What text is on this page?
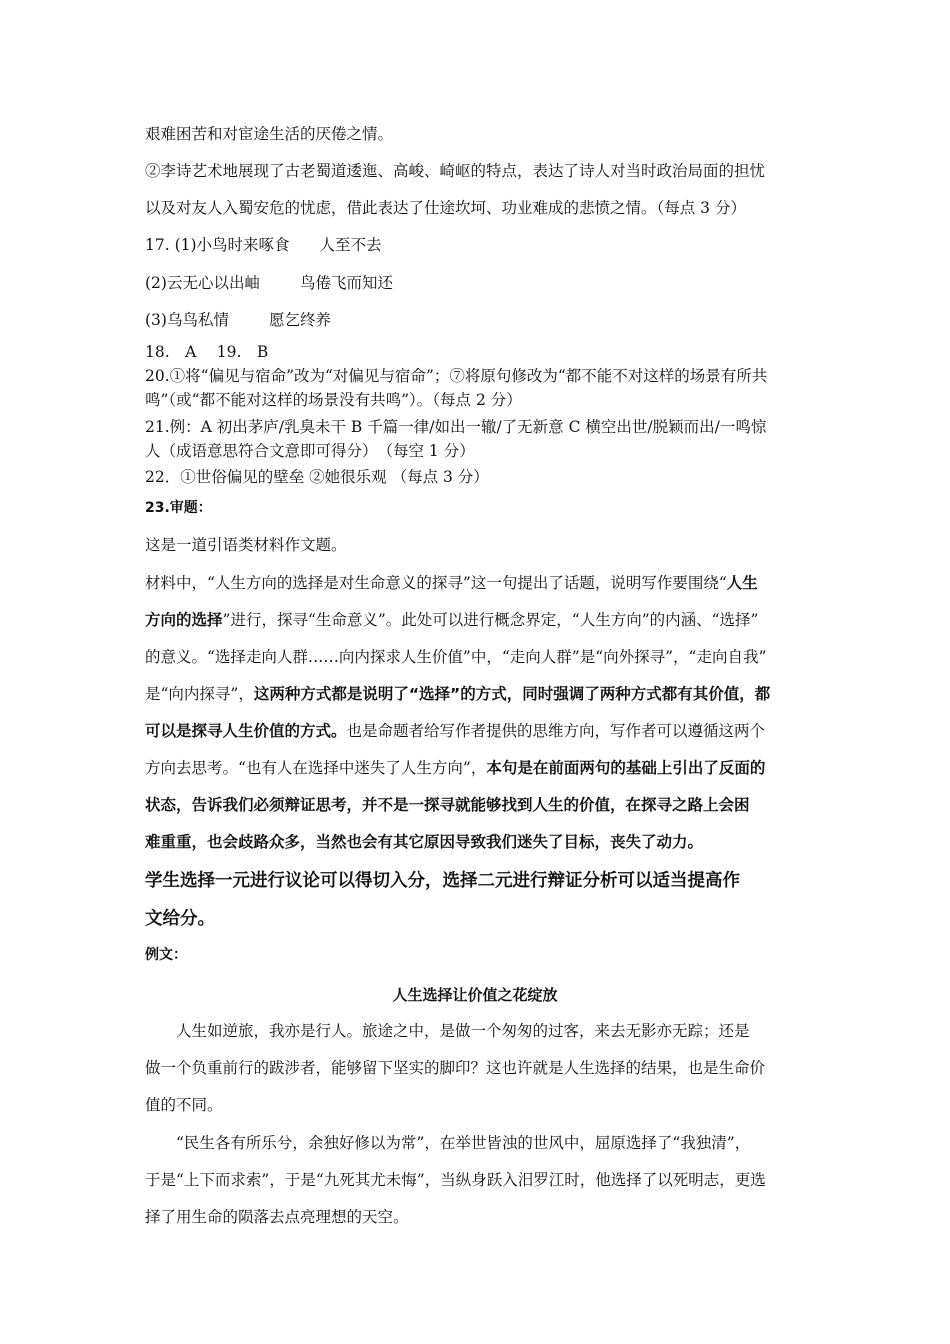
艰难困苦和对宦途生活的厌倦之情。
②李诗艺术地展现了古老蜀道逶迤、高峻、崎岖的特点，表达了诗人对当时政治局面的担忧
以及对友人入蜀安危的忧虑，借此表达了仕途坎坷、功业难成的悲愤之情。（每点 3 分）
17. (1)小鸟时来啄食 人至不去
(2)云无心以出岫	鸟倦飞而知还
(3)乌鸟私情	愿乞终养
18.　A　 19.　B
20.①将“偏见与宿命”改为“对偏见与宿命”；⑦将原句修改为“都不能不对这样的场景有所共
鸣”（或“都不能对这样的场景没有共鸣”）。（每点 2 分）
21.例：A 初出茅庐/乳臭未干 B 千篇一律/如出一辙/了无新意 C 横空出世/脱颖而出/一鸣惊
人（成语意思符合文意即可得分）　（每空 1 分）
22．①世俗偏见的壁垒 ②她很乐观 （每点 3 分）
23.审题：
这是一道引语类材料作文题。
材料中，“人生方向的选择是对生命意义的探寻”这一句提出了话题，说明写作要围绕“人生
方向的选择”进行，探寻“生命意义”。此处可以进行概念界定，“人生方向”的内涵、“选择”
的意义。“选择走向人群……向内探求人生价值”中，“走向人群”是“向外探寻”，“走向自我”
是“向内探寻”，这两种方式都是说明了“选择”的方式，同时强调了两种方式都有其价值，都
可以是探寻人生价值的方式。也是命题者给写作者提供的思维方向，写作者可以遵循这两个
方向去思考。“也有人在选择中迷失了人生方向”，本句是在前面两句的基础上引出了反面的
状态，告诉我们必须辩证思考，并不是一探寻就能够找到人生的价值，在探寻之路上会困
难重重，也会歧路众多，当然也会有其它原因导致我们迷失了目标，丧失了动力。
学生选择一元进行议论可以得切入分，选择二元进行辩证分析可以适当提高作
文给分。
例文：
人生选择让价值之花绽放
人生如逆旅，我亦是行人。旅途之中，是做一个匆匆的过客，来去无影亦无踪；还是
做一个负重前行的跋涉者，能够留下坚实的脚印？这也许就是人生选择的结果，也是生命价
值的不同。
“民生各有所乐兮，余独好修以为常”，在举世皆浊的世风中，屈原选择了“我独清”，
于是“上下而求索”，于是“九死其尤未悔”，当纵身跃入汨罗江时，他选择了以死明志，更选
择了用生命的陨落去点亮理想的天空。
